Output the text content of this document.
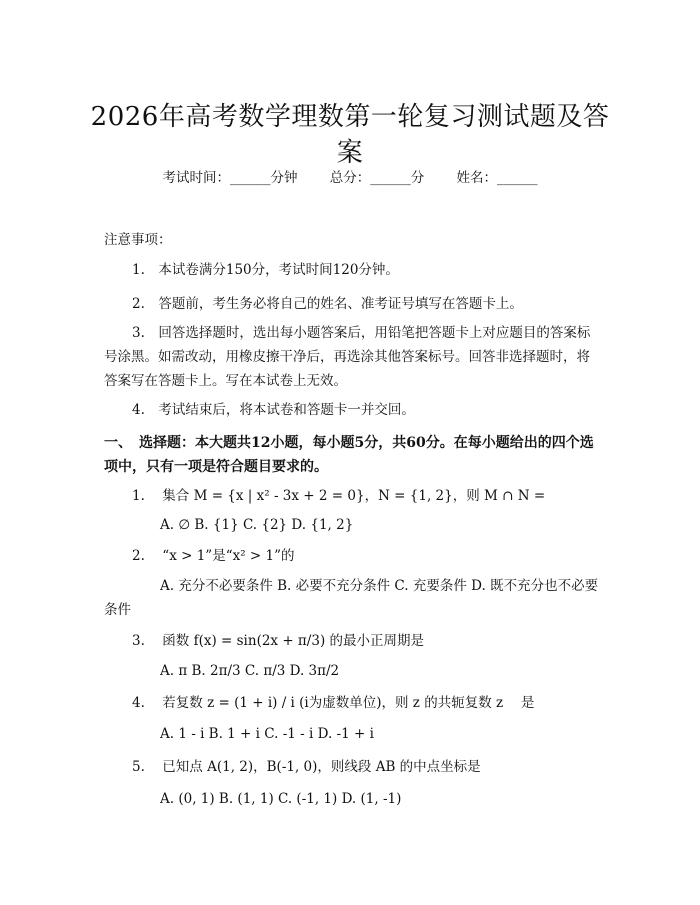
2026年高考数学理数第一轮复习测试题及答案
考试时间：______分钟 总分：______分 姓名：______
注意事项：
1.　本试卷满分150分，考试时间120分钟。
2.　答题前，考生务必将自己的姓名、准考证号填写在答题卡上。
3.　回答选择题时，选出每小题答案后，用铅笔把答题卡上对应题目的答案标号涂黑。如需改动，用橡皮擦干净后，再选涂其他答案标号。回答非选择题时，将答案写在答题卡上。写在本试卷上无效。
4.　考试结束后，将本试卷和答题卡一并交回。
一、　选择题：本大题共12小题，每小题5分，共60分。在每小题给出的四个选项中，只有一项是符合题目要求的。
1. 集合 M = {x | x² - 3x + 2 = 0}，N = {1, 2}，则 M ∩ N =
A. ∅ B. {1} C. {2} D. {1, 2}
2. “x > 1”是“x² > 1”的
A. 充分不必要条件 B. 必要不充分条件 C. 充要条件 D. 既不充分也不必要条件
3. 函数 f(x) = sin(2x + π/3) 的最小正周期是
A. π B. 2π/3 C. π/3 D. 3π/2
4. 若复数 z = (1 + i) / i (i为虚数单位)，则 z 的共轭复数 z　 是
A. 1 - i B. 1 + i C. -1 - i D. -1 + i
5. 已知点 A(1, 2)，B(-1, 0)，则线段 AB 的中点坐标是
A. (0, 1) B. (1, 1) C. (-1, 1) D. (1, -1)
